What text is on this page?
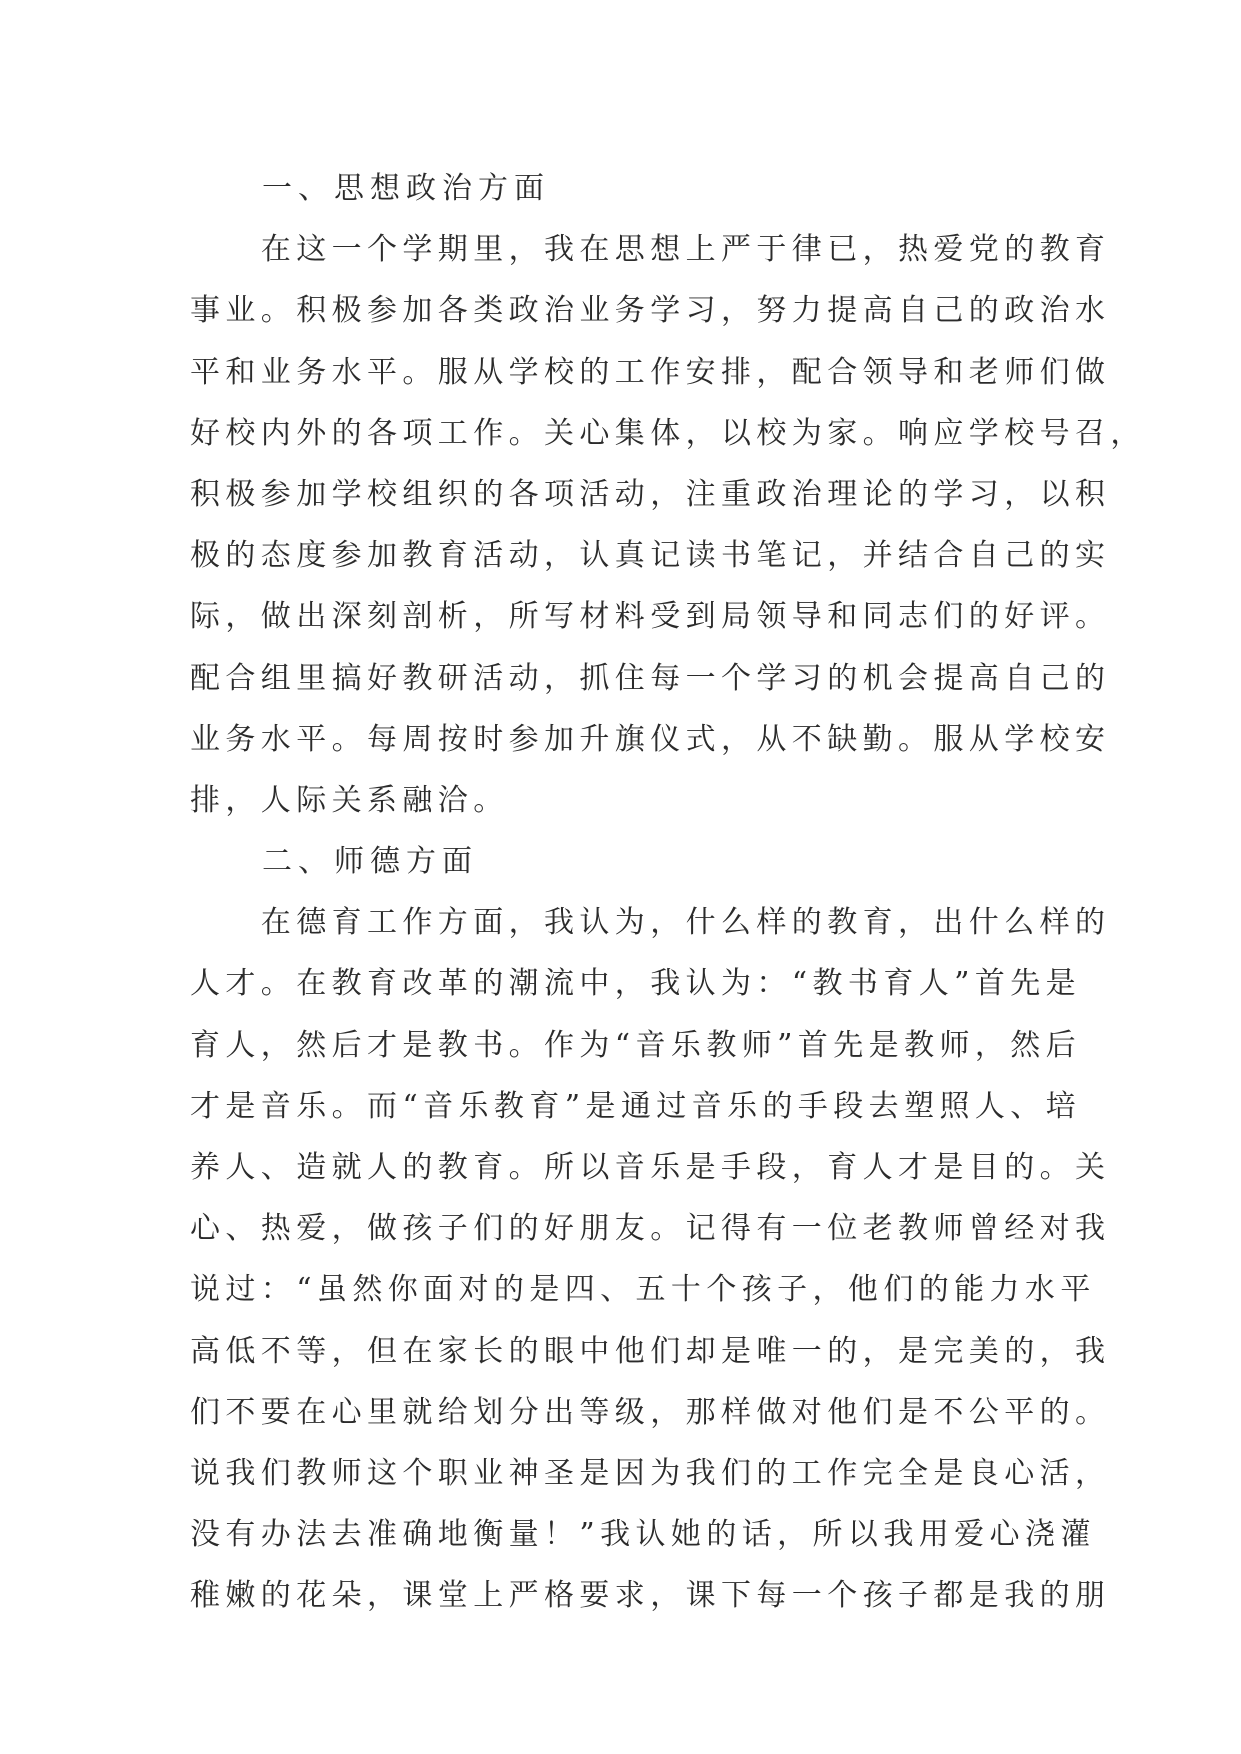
　　一、思想政治方面
　　在这一个学期里，我在思想上严于律已，热爱党的教育
事业。积极参加各类政治业务学习，努力提高自己的政治水
平和业务水平。服从学校的工作安排，配合领导和老师们做
好校内外的各项工作。关心集体，以校为家。响应学校号召，
积极参加学校组织的各项活动，注重政治理论的学习，以积
极的态度参加教育活动，认真记读书笔记，并结合自己的实
际，做出深刻剖析，所写材料受到局领导和同志们的好评。
配合组里搞好教研活动，抓住每一个学习的机会提高自己的
业务水平。每周按时参加升旗仪式，从不缺勤。服从学校安
排，人际关系融洽。
　　二、师德方面
　　在德育工作方面，我认为，什么样的教育，出什么样的
人才。在教育改革的潮流中，我认为：“教书育人”首先是
育人，然后才是教书。作为“音乐教师”首先是教师，然后
才是音乐。而“音乐教育”是通过音乐的手段去塑照人、培
养人、造就人的教育。所以音乐是手段，育人才是目的。关
心、热爱，做孩子们的好朋友。记得有一位老教师曾经对我
说过：“虽然你面对的是四、五十个孩子，他们的能力水平
高低不等，但在家长的眼中他们却是唯一的，是完美的，我
们不要在心里就给划分出等级，那样做对他们是不公平的。
说我们教师这个职业神圣是因为我们的工作完全是良心活，
没有办法去准确地衡量！”我认她的话，所以我用爱心浇灌
稚嫩的花朵，课堂上严格要求，课下每一个孩子都是我的朋
